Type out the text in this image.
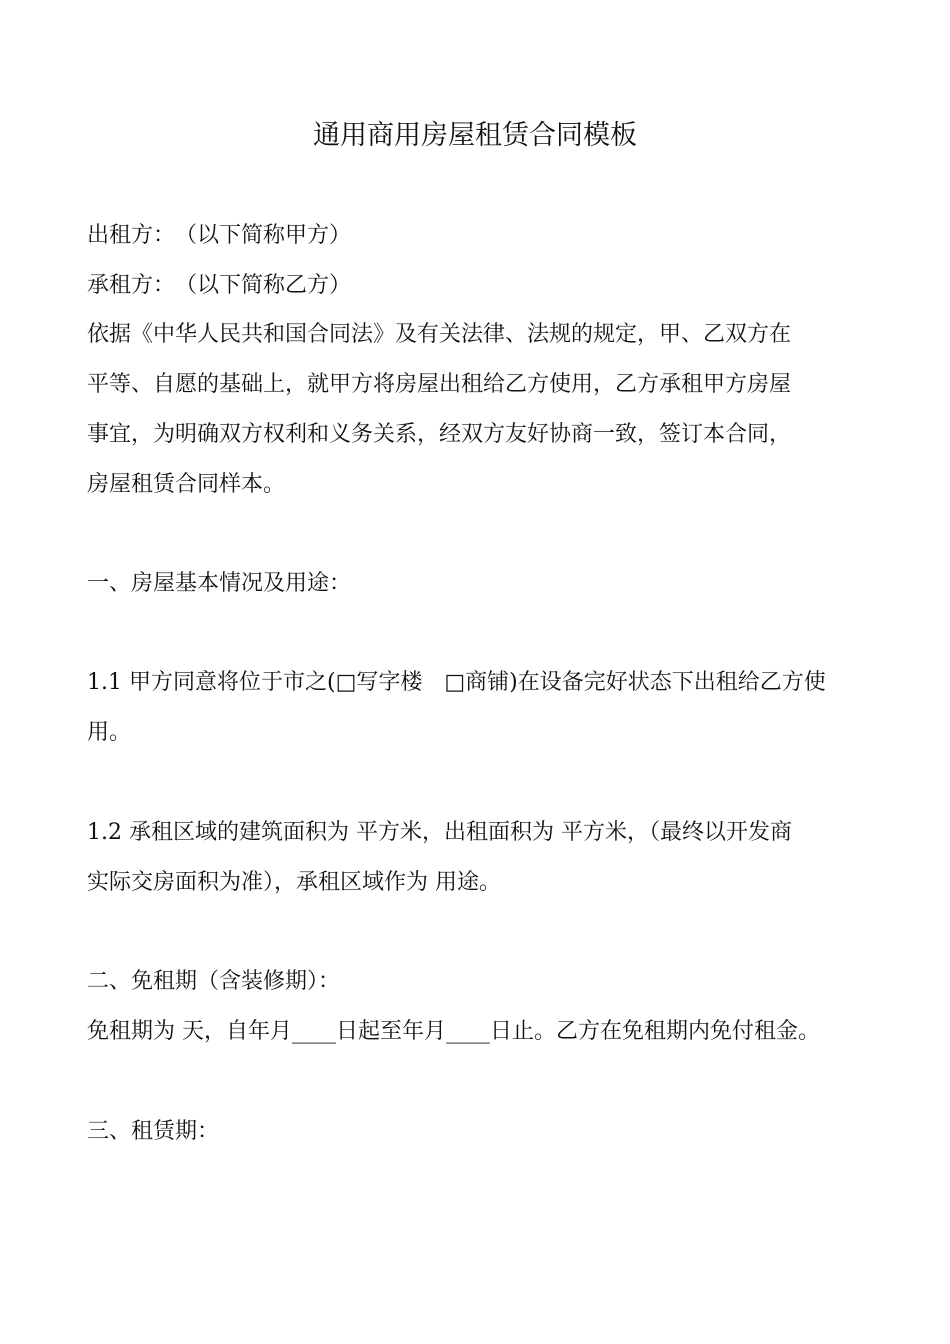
通用商用房屋租赁合同模板
出租方：　（以下简称甲方）
承租方：　（以下简称乙方）
依据《中华人民共和国合同法》及有关法律、法规的规定，甲、乙双方在
平等、自愿的基础上，就甲方将房屋出租给乙方使用，乙方承租甲方房屋
事宜，为明确双方权利和义务关系，经双方友好协商一致，签订本合同，
房屋租赁合同样本。
一、房屋基本情况及用途：
1.1 甲方同意将位于市之(□写字楼　□商铺)在设备完好状态下出租给乙方使
用。
1.2 承租区域的建筑面积为 平方米，出租面积为 平方米，（最终以开发商
实际交房面积为准），承租区域作为 用途。
二、免租期（含装修期）：
免租期为 天，自年月____日起至年月____日止。乙方在免租期内免付租金。
三、租赁期：
